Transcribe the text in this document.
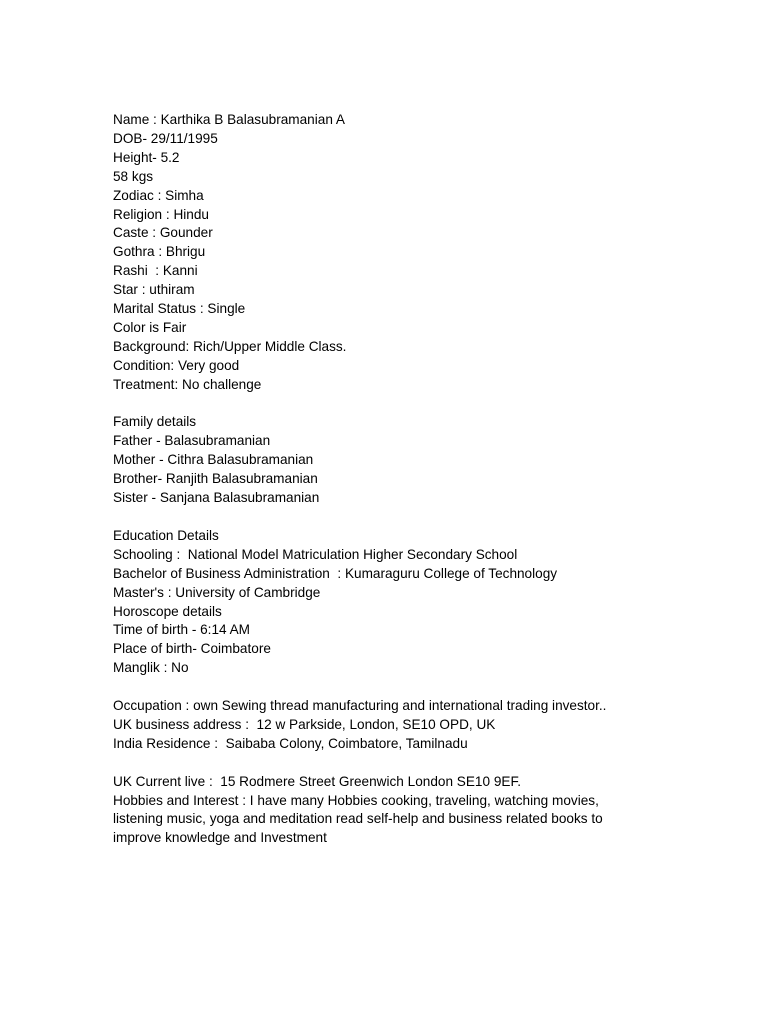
Name : Karthika B Balasubramanian A
DOB- 29/11/1995
Height- 5.2
58 kgs
Zodiac : Simha
Religion : Hindu
Caste : Gounder
Gothra : Bhrigu
Rashi  : Kanni
Star : uthiram
Marital Status : Single
Color is Fair
Background: Rich/Upper Middle Class.
Condition: Very good
Treatment: No challenge
Family details
Father - Balasubramanian
Mother - Cithra Balasubramanian
Brother- Ranjith Balasubramanian
Sister - Sanjana Balasubramanian
Education Details
Schooling :  National Model Matriculation Higher Secondary School
Bachelor of Business Administration  : Kumaraguru College of Technology
Master's : University of Cambridge
Horoscope details
Time of birth - 6:14 AM
Place of birth- Coimbatore
Manglik : No
Occupation : own Sewing thread manufacturing and international trading investor..
UK business address :  12 w Parkside, London, SE10 OPD, UK
India Residence :  Saibaba Colony, Coimbatore, Tamilnadu
UK Current live :  15 Rodmere Street Greenwich London SE10 9EF.
Hobbies and Interest : I have many Hobbies cooking, traveling, watching movies,
listening music, yoga and meditation read self-help and business related books to
improve knowledge and Investment
